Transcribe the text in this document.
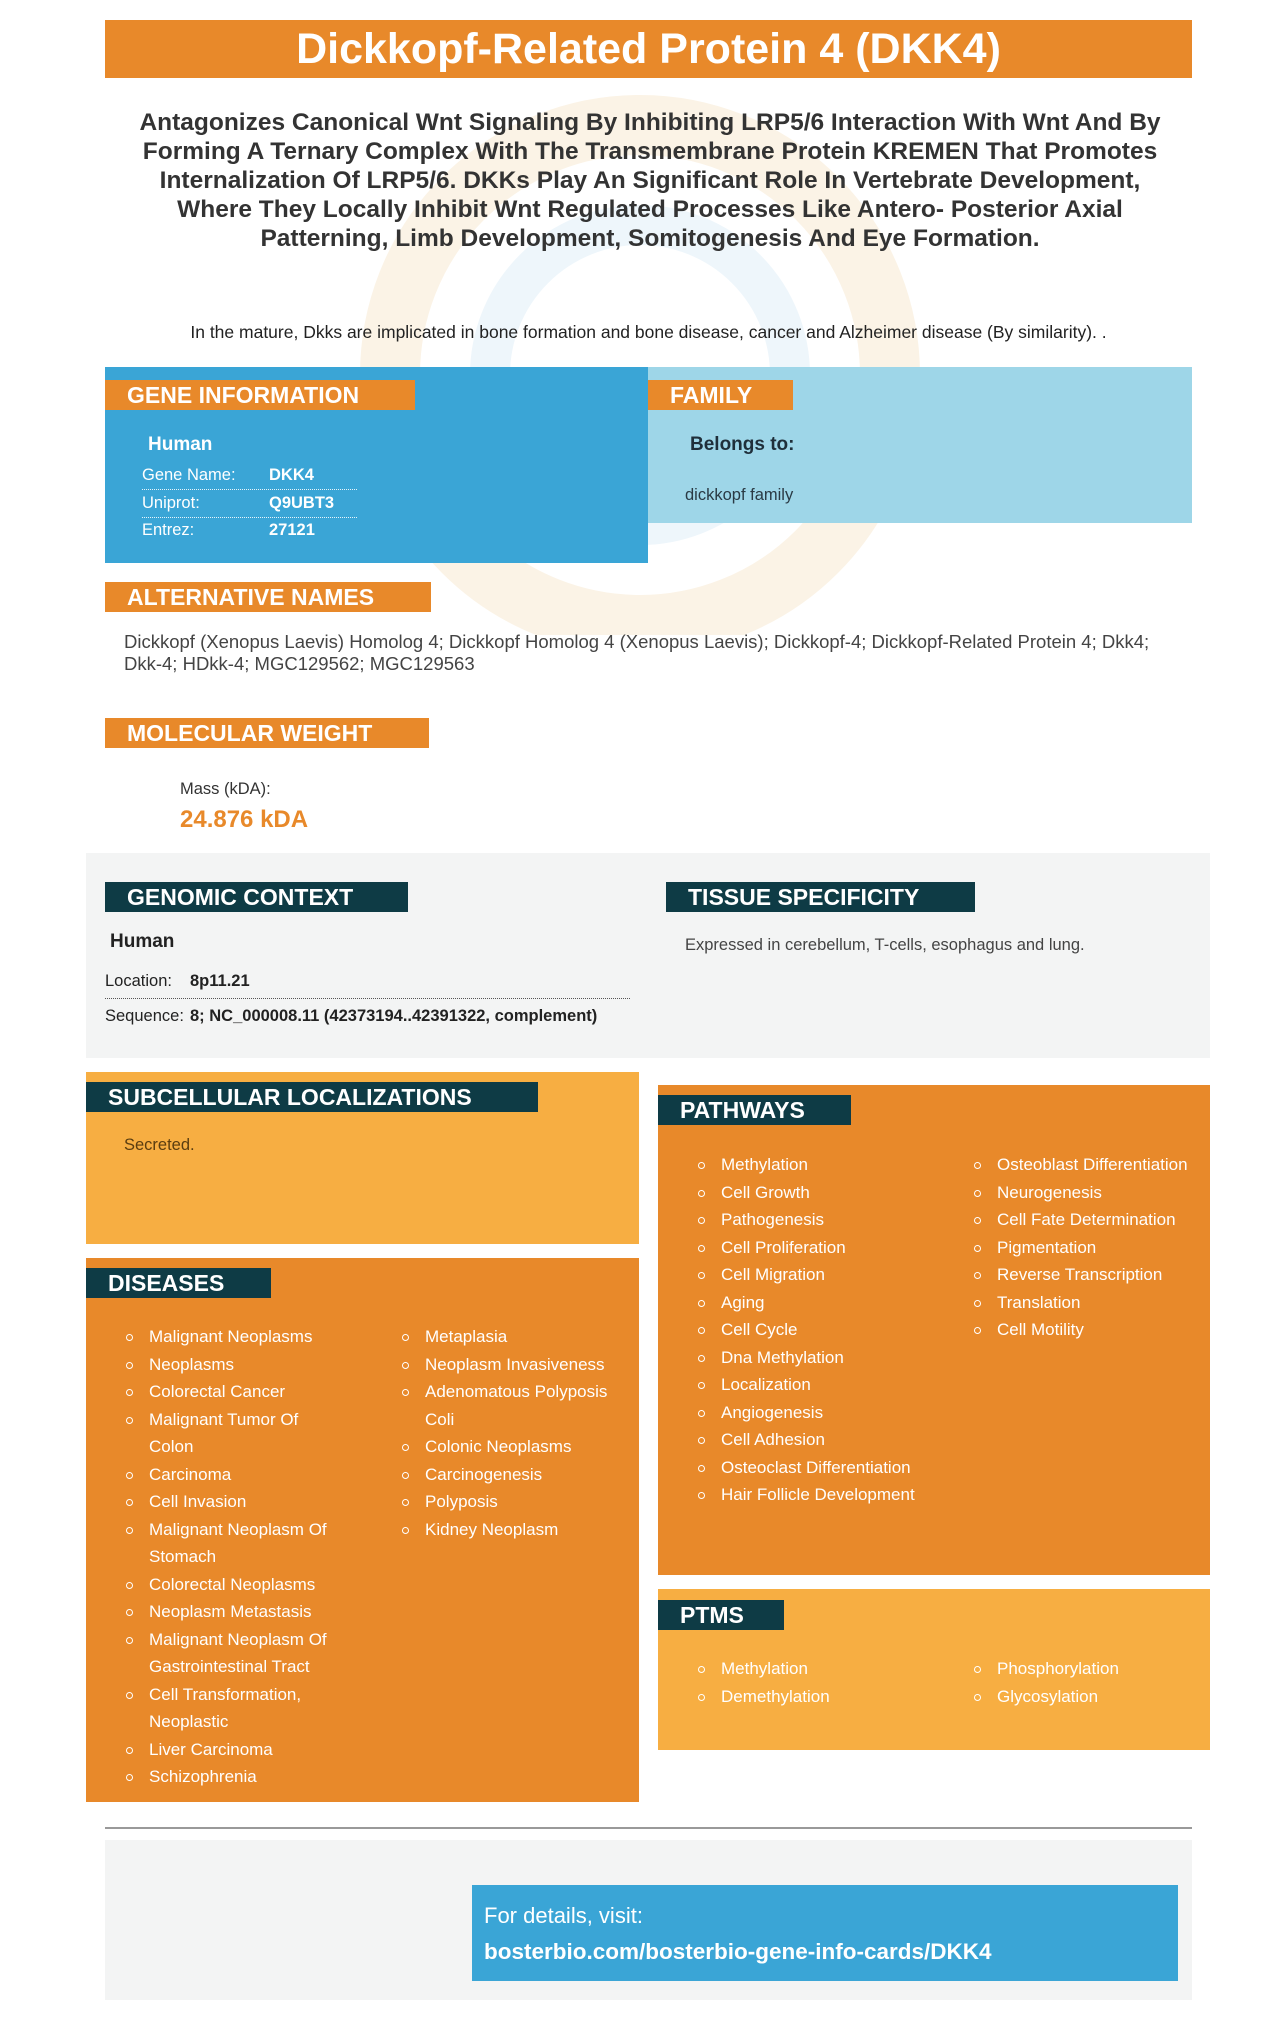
Dickkopf-Related Protein 4 (DKK4)
Antagonizes Canonical Wnt Signaling By Inhibiting LRP5/6 Interaction With Wnt And By Forming A Ternary Complex With The Transmembrane Protein KREMEN That Promotes Internalization Of LRP5/6. DKKs Play An Significant Role In Vertebrate Development, Where They Locally Inhibit Wnt Regulated Processes Like Antero- Posterior Axial Patterning, Limb Development, Somitogenesis And Eye Formation.
In the mature, Dkks are implicated in bone formation and bone disease, cancer and Alzheimer disease (By similarity). .
GENE INFORMATION
Human
Gene Name: DKK4
Uniprot:	Q9UBT3
Entrez:	27121
FAMILY
Belongs to:
dickkopf family
ALTERNATIVE NAMES
Dickkopf (Xenopus Laevis) Homolog 4; Dickkopf Homolog 4 (Xenopus Laevis); Dickkopf-4; Dickkopf-Related Protein 4; Dkk4; Dkk-4; HDkk-4; MGC129562; MGC129563
MOLECULAR WEIGHT
Mass (kDA):
24.876 kDA
GENOMIC CONTEXT
Human
Location: 8p11.21
Sequence: 8; NC_000008.11 (42373194..42391322, complement)
TISSUE SPECIFICITY
Expressed in cerebellum, T-cells, esophagus and lung.
SUBCELLULAR LOCALIZATIONS
Secreted.
DISEASES
Malignant Neoplasms
Neoplasms
Colorectal Cancer
Malignant Tumor Of Colon
Carcinoma
Cell Invasion
Malignant Neoplasm Of Stomach
Colorectal Neoplasms
Neoplasm Metastasis
Malignant Neoplasm Of Gastrointestinal Tract
Cell Transformation, Neoplastic
Liver Carcinoma
Schizophrenia
Metaplasia
Neoplasm Invasiveness
Adenomatous Polyposis Coli
Colonic Neoplasms
Carcinogenesis
Polyposis
Kidney Neoplasm
PATHWAYS
Methylation
Cell Growth
Pathogenesis
Cell Proliferation
Cell Migration
Aging
Cell Cycle
Dna Methylation
Localization
Angiogenesis
Cell Adhesion
Osteoclast Differentiation
Hair Follicle Development
Osteoblast Differentiation
Neurogenesis
Cell Fate Determination
Pigmentation
Reverse Transcription
Translation
Cell Motility
PTMS
Methylation
Demethylation
Phosphorylation
Glycosylation
For details, visit:
bosterbio.com/bosterbio-gene-info-cards/DKK4
